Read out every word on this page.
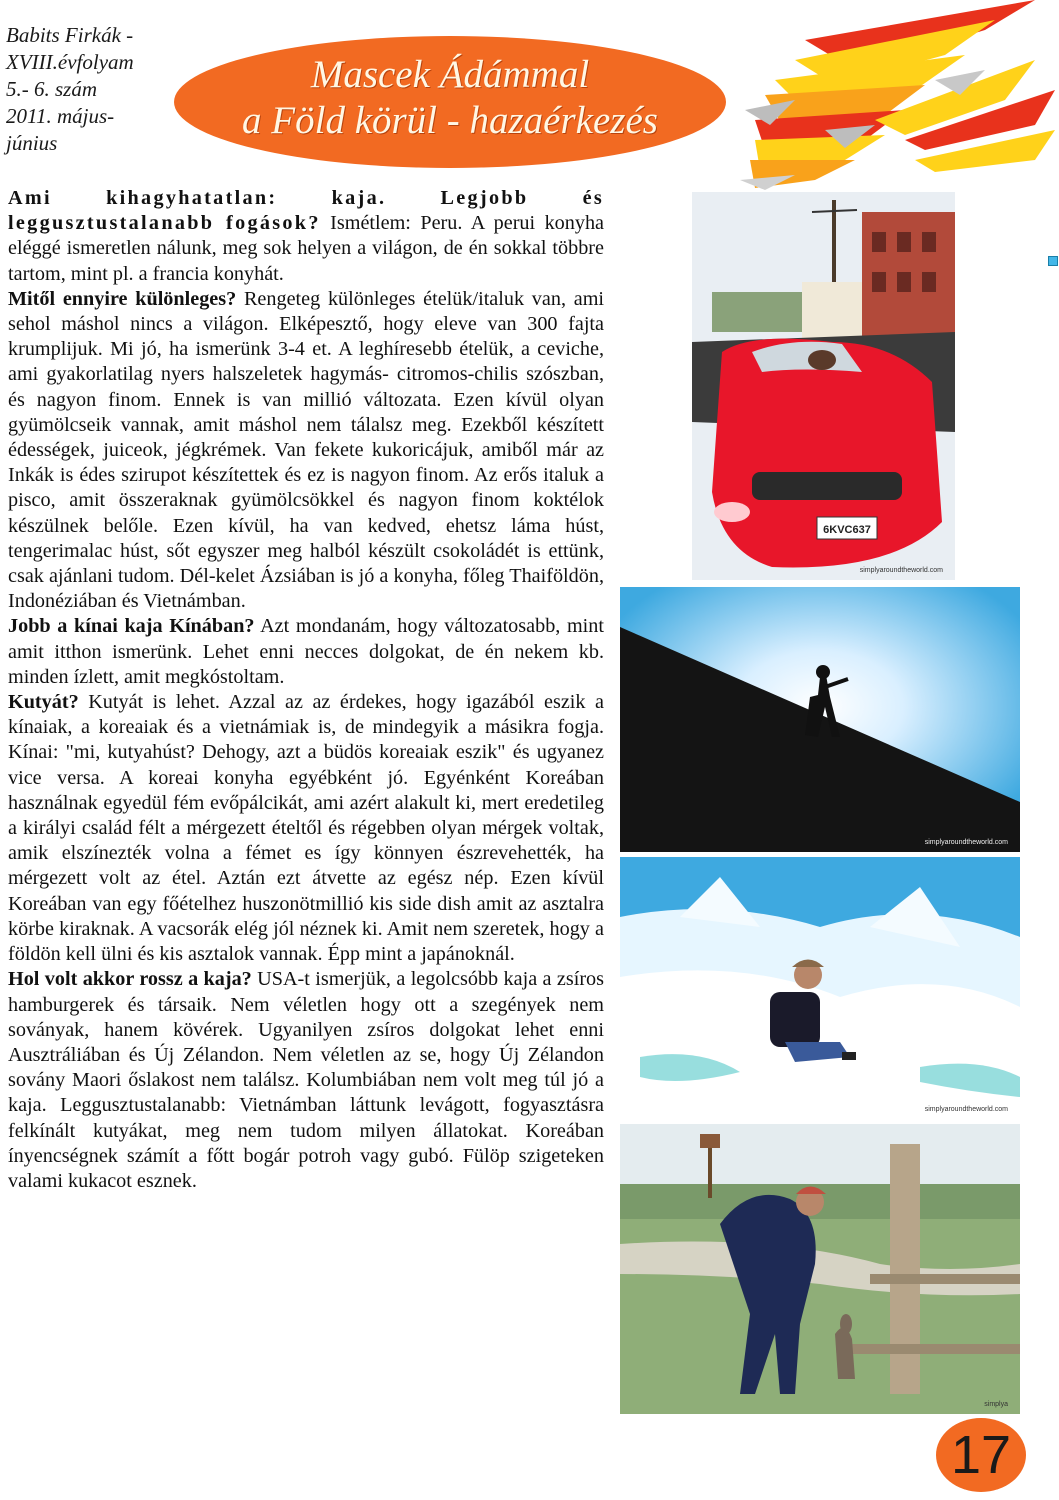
Babits Firkák -
XVIII.évfolyam
5.- 6. szám
2011. május-
június
Mascek Ádámmal
a Föld körül - hazaérkezés

Ami kihagyhatatlan: kaja. Legjobb és leggusztustalanabb fogások? Ismétlem: Peru. A perui konyha eléggé ismeretlen nálunk, meg sok helyen a világon, de én sokkal többre tartom, mint pl. a francia konyhát.

Mitől ennyire különleges? Rengeteg különleges ételük/italuk van, ami sehol máshol nincs a világon. Elképesztő, hogy eleve van 300 fajta krumplijuk. Mi jó, ha ismerünk 3-4 et. A leghíresebb ételük, a ceviche, ami gyakorlatilag nyers halszeletek hagymás- citromos-chilis szószban, és nagyon finom. Ennek is van millió változata. Ezen kívül olyan gyümölcseik vannak, amit máshol nem tálalsz meg. Ezekből készített édességek, juiceok, jégkrémek. Van fekete kukoricájuk, amiből már az Inkák is édes szirupot készítettek és ez is nagyon finom. Az erős italuk a pisco, amit összeraknak gyümölcsökkel és nagyon finom koktélok készülnek belőle. Ezen kívül, ha van kedved, ehetsz láma húst, tengerimalac húst, sőt egyszer meg halból készült csokoládét is ettünk, csak ajánlani tudom. Dél-kelet Ázsiában is jó a konyha, főleg Thaiföldön, Indonéziában és Vietnámban.

Jobb a kínai kaja Kínában? Azt mondanám, hogy változatosabb, mint amit itthon ismerünk. Lehet enni necces dolgokat, de én nekem kb. minden ízlett, amit megkóstoltam.

Kutyát? Kutyát is lehet. Azzal az az érdekes, hogy igazából eszik a kínaiak, a koreaiak és a vietnámiak is, de mindegyik a másikra fogja. Kínai: "mi, kutyahúst? Dehogy, azt a büdös koreaiak eszik" és ugyanez vice versa. A koreai konyha egyébként jó. Egyénként Koreában használnak egyedül fém evőpálcikát, ami azért alakult ki, mert eredetileg a királyi család félt a mérgezett ételtől és régebben olyan mérgek voltak, amik elszínezték volna a fémet es így könnyen észrevehették, ha mérgezett volt az étel. Aztán ezt átvette az egész nép. Ezen kívül Koreában van egy főételhez huszonötmillió kis side dish amit az asztalra körbe kiraknak. A vacsorák elég jól néznek ki. Amit nem szeretek, hogy a földön kell ülni és kis asztalok vannak. Épp mint a japánoknál.

Hol volt akkor rossz a kaja? USA-t ismerjük, a legolcsóbb kaja a zsíros hamburgerek és társaik. Nem véletlen hogy ott a szegények nem soványak, hanem kövérek. Ugyanilyen zsíros dolgokat lehet enni Ausztráliában és Új Zélandon. Nem véletlen az se, hogy Új Zélandon sovány Maori őslakost nem találsz. Kolumbiában nem volt meg túl jó a kaja. Leggusztustalanabb: Vietnámban láttunk levágott, fogyasztásra felkínált kutyákat, meg nem tudom milyen állatokat. Koreában ínyencségnek számít a főtt bogár potroh vagy gubó. Fülöp szigeteken valami kukacot esznek.

6KVC637
simplyaroundtheworld.com
simplyaroundtheworld.com
simplyaroundtheworld.com
simplya
17
